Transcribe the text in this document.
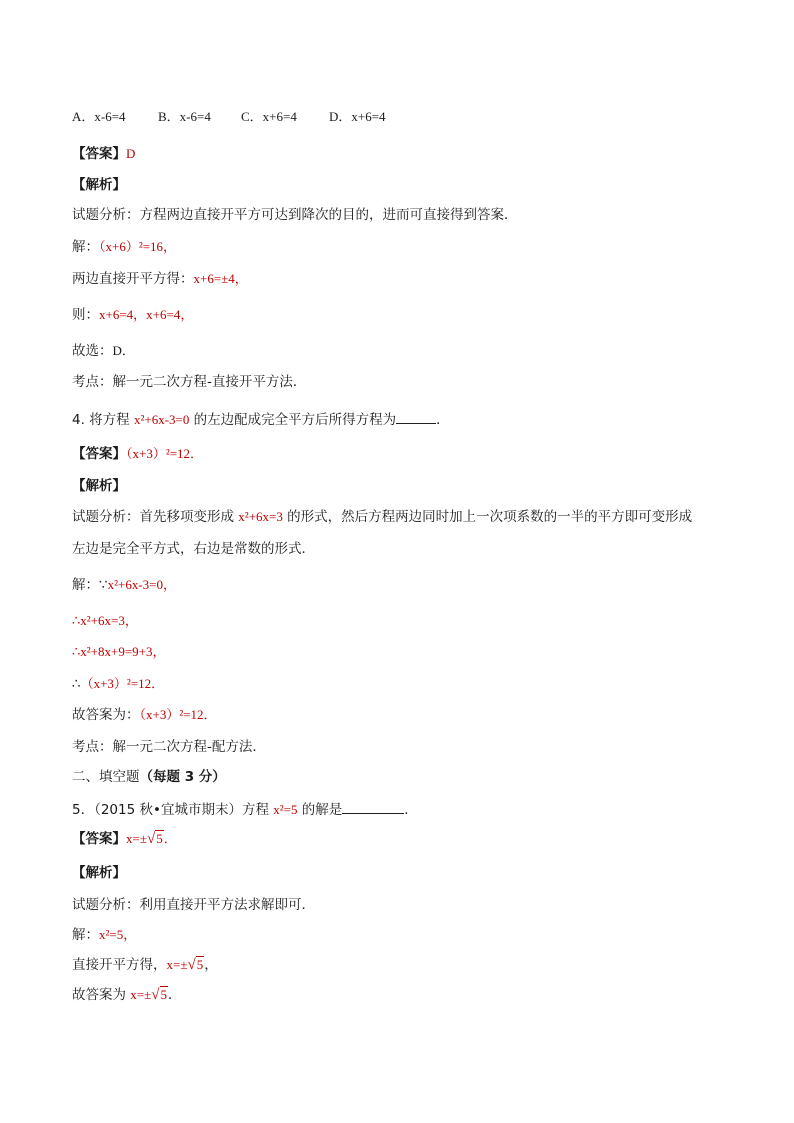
A．x-6=4 B．x-6=4 C．x+6=4 D．x+6=4
【答案】D
【解析】
试题分析：方程两边直接开平方可达到降次的目的，进而可直接得到答案．
解：（x+6）²=16，
两边直接开平方得：x+6=±4，
则：x+6=4，x+6=4，
故选：D．
考点：解一元二次方程-直接开平方法．
4. 将方程 x²+6x-3=0 的左边配成完全平方后所得方程为	．
【答案】（x+3）²=12．
【解析】
试题分析：首先移项变形成 x²+6x=3 的形式，然后方程两边同时加上一次项系数的一半的平方即可变形成
左边是完全平方式，右边是常数的形式．
解：∵x²+6x-3=0，
∴x²+6x=3，
∴x²+8x+9=9+3，
∴（x+3）²=12．
故答案为：（x+3）²=12．
考点：解一元二次方程-配方法．
二、填空题（每题 3 分）
5．（2015 秋•宜城市期末）方程 x²=5 的解是	．
【答案】x=±√5．
【解析】
试题分析：利用直接开平方法求解即可．
解：x²=5，
直接开平方得，x=±√5，
故答案为 x=±√5．
